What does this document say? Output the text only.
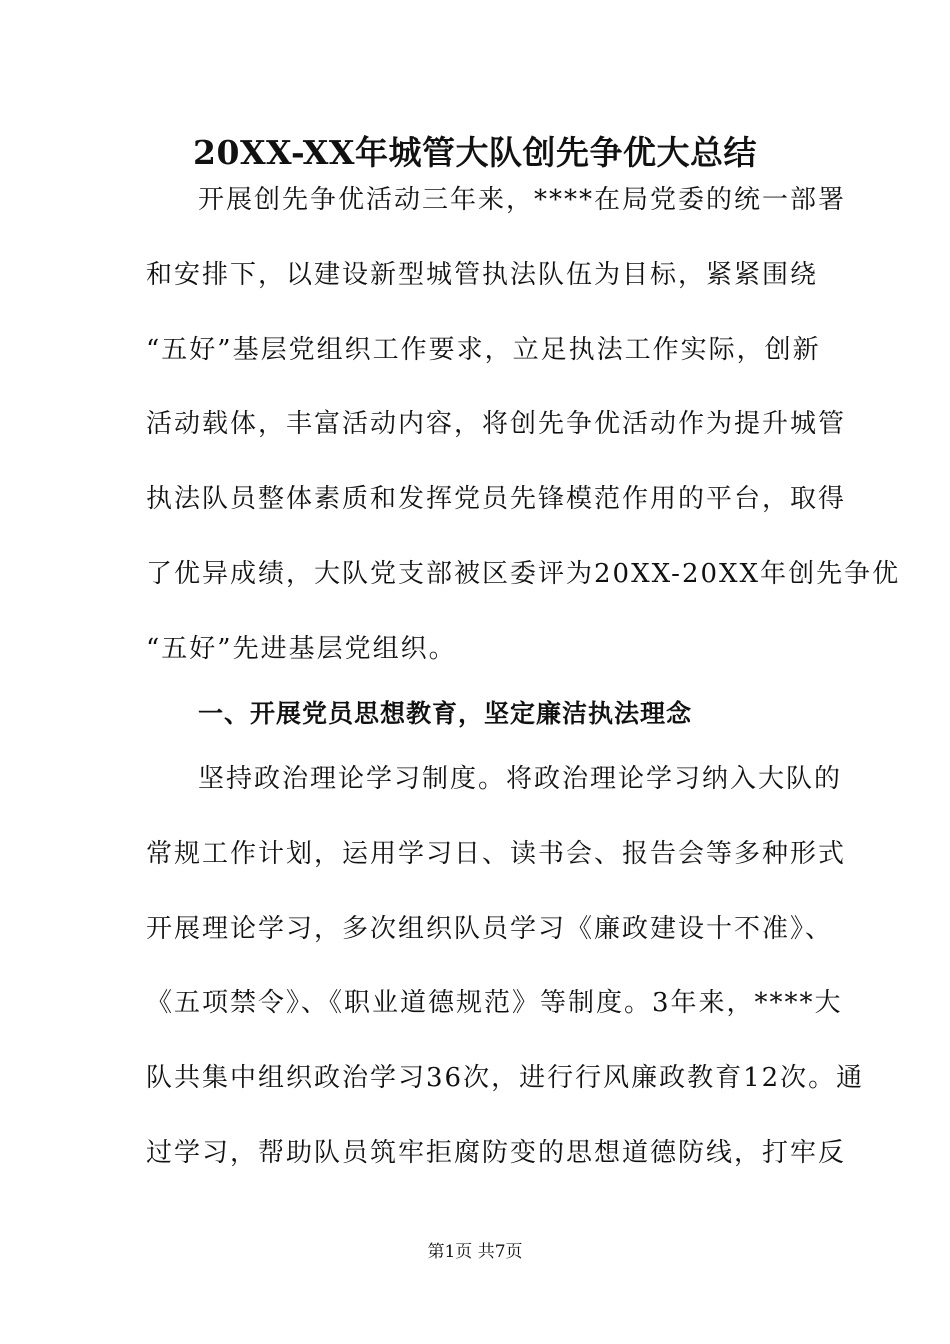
20XX-XX年城管大队创先争优大总结
开展创先争优活动三年来，****在局党委的统一部署
和安排下，以建设新型城管执法队伍为目标，紧紧围绕
“五好”基层党组织工作要求，立足执法工作实际，创新
活动载体，丰富活动内容，将创先争优活动作为提升城管
执法队员整体素质和发挥党员先锋模范作用的平台，取得
了优异成绩，大队党支部被区委评为20XX-20XX年创先争优
“五好”先进基层党组织。
一、开展党员思想教育，坚定廉洁执法理念
坚持政治理论学习制度。将政治理论学习纳入大队的
常规工作计划，运用学习日、读书会、报告会等多种形式
开展理论学习，多次组织队员学习《廉政建设十不准》、
《五项禁令》、《职业道德规范》等制度。3年来，****大
队共集中组织政治学习36次，进行行风廉政教育12次。通
过学习，帮助队员筑牢拒腐防变的思想道德防线，打牢反
第1页 共7页
